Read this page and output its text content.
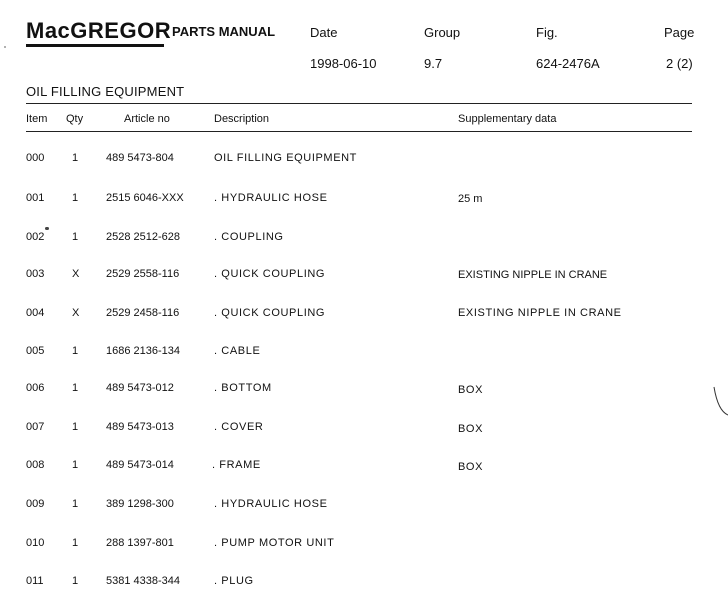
MacGREGOR PARTS MANUAL	Date	Group	Fig.	Page
1998-06-10	9.7	624-2476A	2 (2)
OIL FILLING EQUIPMENT
Item Qty	Article no	Description	Supplementary data
000	1	489 5473-804	OIL FILLING EQUIPMENT
001	1	2515 6046-XXX	. HYDRAULIC HOSE	25 m
002	1	2528 2512-628	. COUPLING
003	X 2529 2558-116	. QUICK COUPLING	EXISTING NIPPLE IN CRANE
004	X 2529 2458-116	. QUICK COUPLING	EXISTING NIPPLE IN CRANE
005	1	1686 2136-134	. CABLE
006	1	489 5473-012	. BOTTOM	BOX
007	1	489 5473-013	. COVER	BOX
008	1	489 5473-014	. FRAME	BOX
009	1	389 1298-300	. HYDRAULIC HOSE
010	1	288 1397-801	. PUMP MOTOR UNIT
011	1	5381 4338-344	. PLUG
